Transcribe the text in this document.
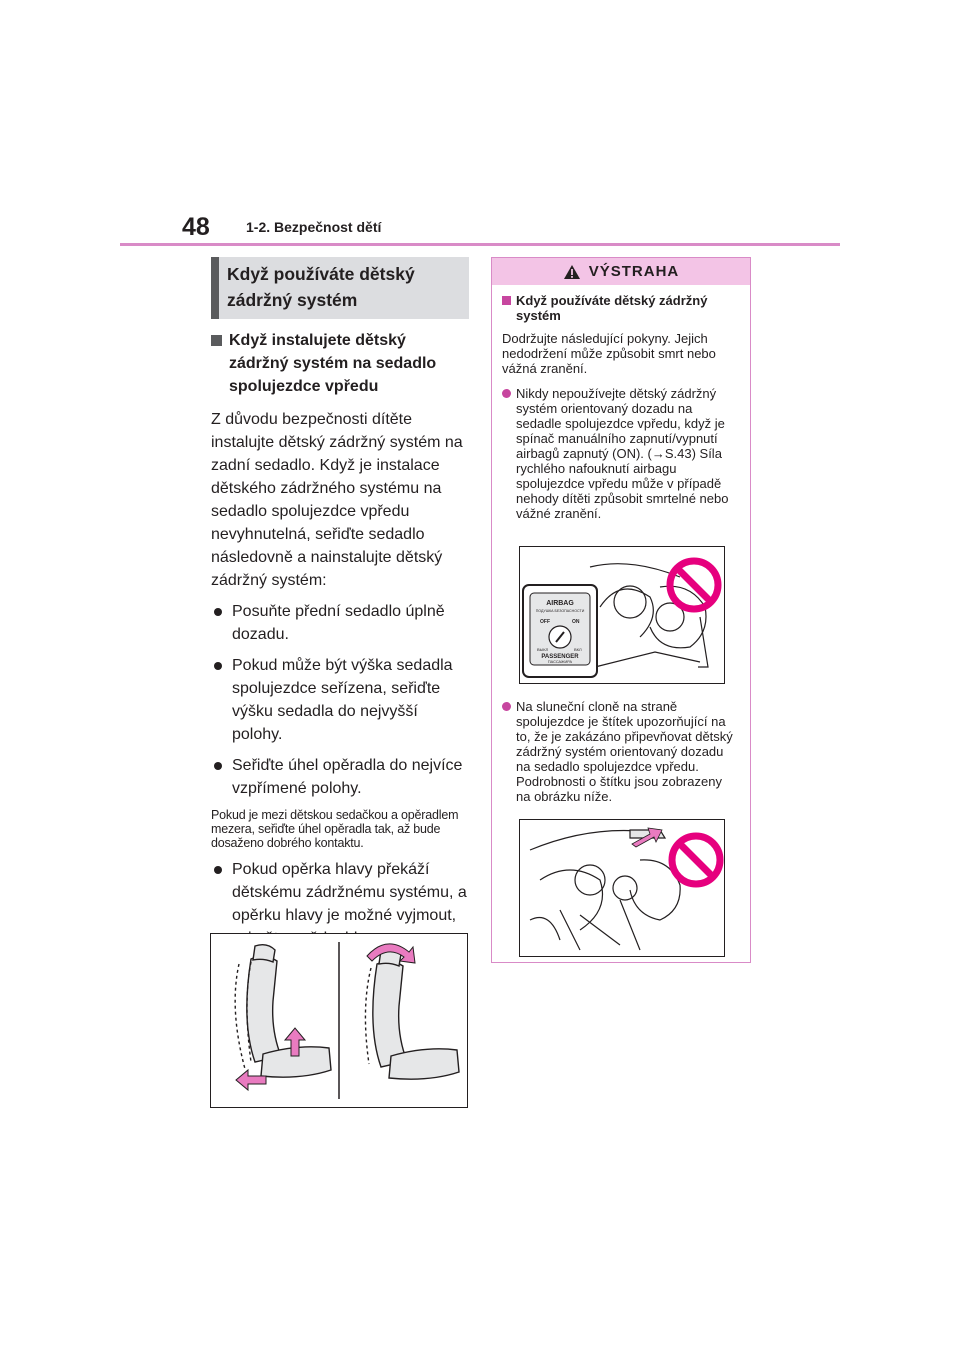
48	1-2. Bezpečnost dětí
Když používáte dětský
zádržný systém
Když instalujete dětský zádržný systém na sedadlo spolujezdce vpředu
Z důvodu bezpečnosti dítěte instalujte dětský zádržný systém na zadní sedadlo. Když je instalace dětského zádržného systému na sedadlo spolujezdce vpředu nevyhnutelná, seřiďte sedadlo následovně a nainstalujte dětský zádržný systém:
Posuňte přední sedadlo úplně dozadu.
Pokud může být výška sedadla spolujezdce seřízena, seřiďte výšku sedadla do nejvyšší polohy.
Seřiďte úhel opěradla do nejvíce vzpřímené polohy.
Pokud je mezi dětskou sedačkou a opěradlem mezera, seřiďte úhel opěradla tak, až bude dosaženo dobrého kontaktu.
Pokud opěrka hlavy překáží dětskému zádržnému systému, a opěrku hlavy je možné vyjmout,
VÝSTRAHA
Když používáte dětský zádržný systém
Dodržujte následující pokyny. Jejich nedodržení může způsobit smrt nebo vážná zranění.
Nikdy nepoužívejte dětský zádržný systém orientovaný dozadu na sedadle spolujezdce vpředu, když je spínač manuálního zapnutí/vypnutí airbagů zapnutý (ON). (→S.43) Síla rychlého nafouknutí airbagu spolujezdce vpředu může v případě nehody dítěti způsobit smrtelné nebo vážné zranění.
AIRBAG
ПОДУШКА БЕЗОПАСНОСТИ
OFF	ON
ВЫКЛ	ВКЛ
PASSENGER
ПАССАЖИРА
Na sluneční cloně na straně spolujezdce je štítek upozorňující na to, že je zakázáno připevňovat dětský zádržný systém orientovaný dozadu na sedadlo spolujezdce vpředu. Podrobnosti o štítku jsou zobrazeny na obrázku níže.
